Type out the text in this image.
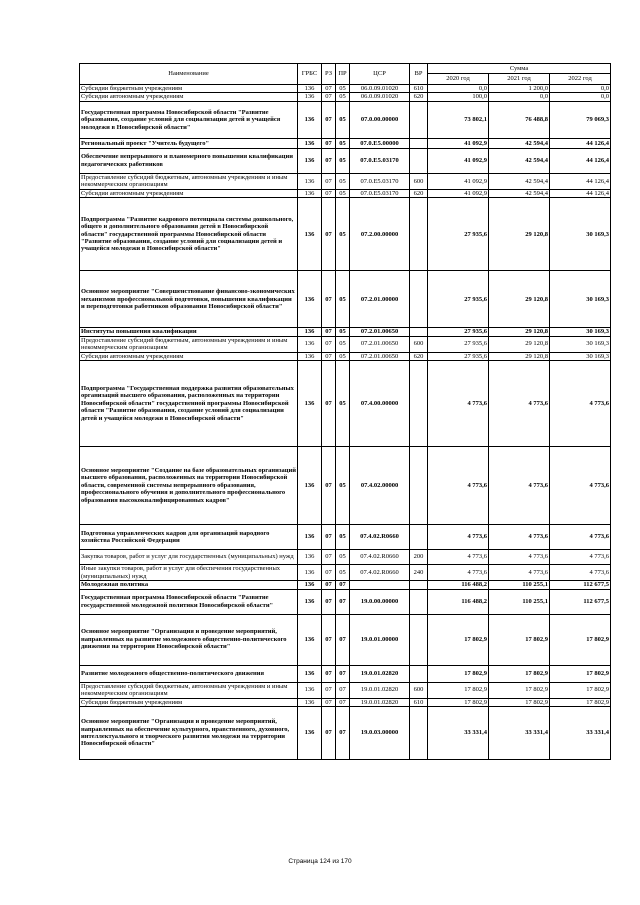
Наименование	ГРБС	РЗ	ПР	ЦСР	ВР	Сумма		
						2020 год	2021 год	2022 год
Субсидии бюджетным учреждениям	136	07	05	06.0.09.01020	610	0,0	1 200,0	0,0
Субсидии автономным учреждениям	136	07	05	06.0.09.01020	620	100,0	0,0	0,0
Государственная программа Новосибирской области "Развитие образования, создание условий для социализации детей и учащейся молодежи в Новосибирской области"	136	07	05	07.0.00.00000		73 802,1	76 488,8	79 069,3
Региональный проект "Учитель будущего"	136	07	05	07.0.E5.00000		41 092,9	42 594,4	44 126,4
Обеспечение непрерывного и планомерного повышения квалификации педагогических работников	136	07	05	07.0.E5.03170		41 092,9	42 594,4	44 126,4
Предоставление субсидий бюджетным, автономным учреждениям и иным некоммерческим организациям	136	07	05	07.0.E5.03170	600	41 092,9	42 594,4	44 126,4
Субсидии автономным учреждениям	136	07	05	07.0.E5.03170	620	41 092,9	42 594,4	44 126,4
Подпрограмма "Развитие кадрового потенциала системы дошкольного, общего и дополнительного образования детей в Новосибирской области" государственной программы Новосибирской области "Развитие образования, создание условий для социализации детей и учащейся молодежи в Новосибирской области"	136	07	05	07.2.00.00000		27 935,6	29 120,8	30 169,3
Основное мероприятие "Совершенствование финансово-экономических механизмов профессиональной подготовки, повышения квалификации и переподготовки работников образования Новосибирской области"	136	07	05	07.2.01.00000		27 935,6	29 120,8	30 169,3
Институты повышения квалификации	136	07	05	07.2.01.00650		27 935,6	29 120,8	30 169,3
Предоставление субсидий бюджетным, автономным учреждениям и иным некоммерческим организациям	136	07	05	07.2.01.00650	600	27 935,6	29 120,8	30 169,3
Субсидии автономным учреждениям	136	07	05	07.2.01.00650	620	27 935,6	29 120,8	30 169,3
Подпрограмма "Государственная поддержка развития образовательных организаций высшего образования, расположенных на территории Новосибирской области" государственной программы Новосибирской области "Развитие образования, создание условий для социализации детей и учащейся молодежи в Новосибирской области"	136	07	05	07.4.00.00000		4 773,6	4 773,6	4 773,6
Основное мероприятие "Создание на базе образовательных организаций высшего образования, расположенных на территории Новосибирской области, современной системы непрерывного образования, профессионального обучения и дополнительного профессионального образования высококвалифицированных кадров"	136	07	05	07.4.02.00000		4 773,6	4 773,6	4 773,6
Подготовка управленческих кадров для организаций народного хозяйства Российской Федерации	136	07	05	07.4.02.R0660		4 773,6	4 773,6	4 773,6
Закупка товаров, работ и услуг для государственных (муниципальных) нужд	136	07	05	07.4.02.R0660	200	4 773,6	4 773,6	4 773,6
Иные закупки товаров, работ и услуг для обеспечения государственных (муниципальных) нужд	136	07	05	07.4.02.R0660	240	4 773,6	4 773,6	4 773,6
Молодежная политика	136	07	07			116 488,2	110 255,1	112 677,5
Государственная программа Новосибирской области "Развитие государственной молодежной политики Новосибирской области"	136	07	07	19.0.00.00000		116 488,2	110 255,1	112 677,5
Основное мероприятие "Организация и проведение мероприятий, направленных на развитие молодежного общественно-политического движения на территории Новосибирской области"	136	07	07	19.0.01.00000		17 802,9	17 802,9	17 802,9
Развитие молодежного общественно-политического движения	136	07	07	19.0.01.02820		17 802,9	17 802,9	17 802,9
Предоставление субсидий бюджетным, автономным учреждениям и иным некоммерческим организациям	136	07	07	19.0.01.02820	600	17 802,9	17 802,9	17 802,9
Субсидии бюджетным учреждениям	136	07	07	19.0.01.02820	610	17 802,9	17 802,9	17 802,9
Основное мероприятие "Организация и проведение мероприятий, направленных на обеспечение культурного, нравственного, духовного, интеллектуального и творческого развития молодежи на территории Новосибирской области"	136	07	07	19.0.03.00000		33 331,4	33 331,4	33 331,4
Страница 124 из 170
